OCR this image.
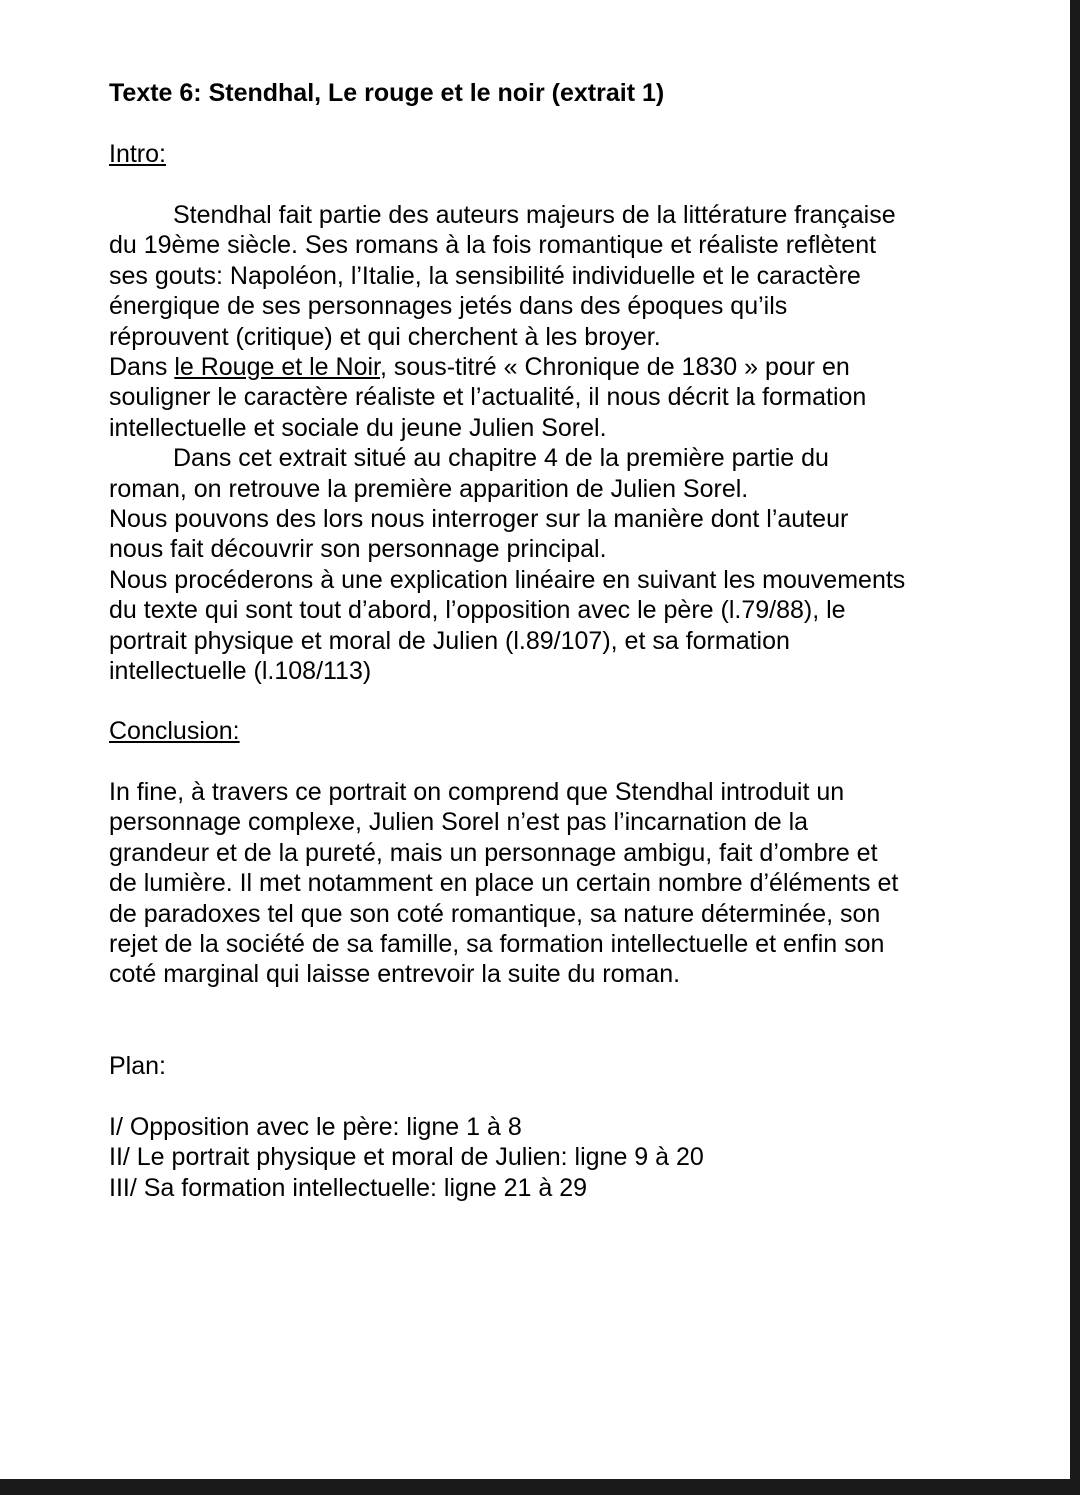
Texte 6: Stendhal, Le rouge et le noir (extrait 1)
Intro:
Stendhal fait partie des auteurs majeurs de la littérature française
du 19ème siècle. Ses romans à la fois romantique et réaliste reflètent
ses gouts: Napoléon, l’Italie, la sensibilité individuelle et le caractère
énergique de ses personnages jetés dans des époques qu’ils
réprouvent (critique) et qui cherchent à les broyer.
Dans le Rouge et le Noir, sous-titré « Chronique de 1830 » pour en
souligner le caractère réaliste et l’actualité, il nous décrit la formation
intellectuelle et sociale du jeune Julien Sorel.
Dans cet extrait situé au chapitre 4 de la première partie du
roman, on retrouve la première apparition de Julien Sorel.
Nous pouvons des lors nous interroger sur la manière dont l’auteur
nous fait découvrir son personnage principal.
Nous procéderons à une explication linéaire en suivant les mouvements
du texte qui sont tout d’abord, l’opposition avec le père (l.79/88), le
portrait physique et moral de Julien (l.89/107), et sa formation
intellectuelle (l.108/113)
Conclusion:
In fine, à travers ce portrait on comprend que Stendhal introduit un
personnage complexe, Julien Sorel n’est pas l’incarnation de la
grandeur et de la pureté, mais un personnage ambigu, fait d’ombre et
de lumière. Il met notamment en place un certain nombre d’éléments et
de paradoxes tel que son coté romantique, sa nature déterminée, son
rejet de la société de sa famille, sa formation intellectuelle et enfin son
coté marginal qui laisse entrevoir la suite du roman.
Plan:
I/ Opposition avec le père: ligne 1 à 8
II/ Le portrait physique et moral de Julien: ligne 9 à 20
III/ Sa formation intellectuelle: ligne 21 à 29
